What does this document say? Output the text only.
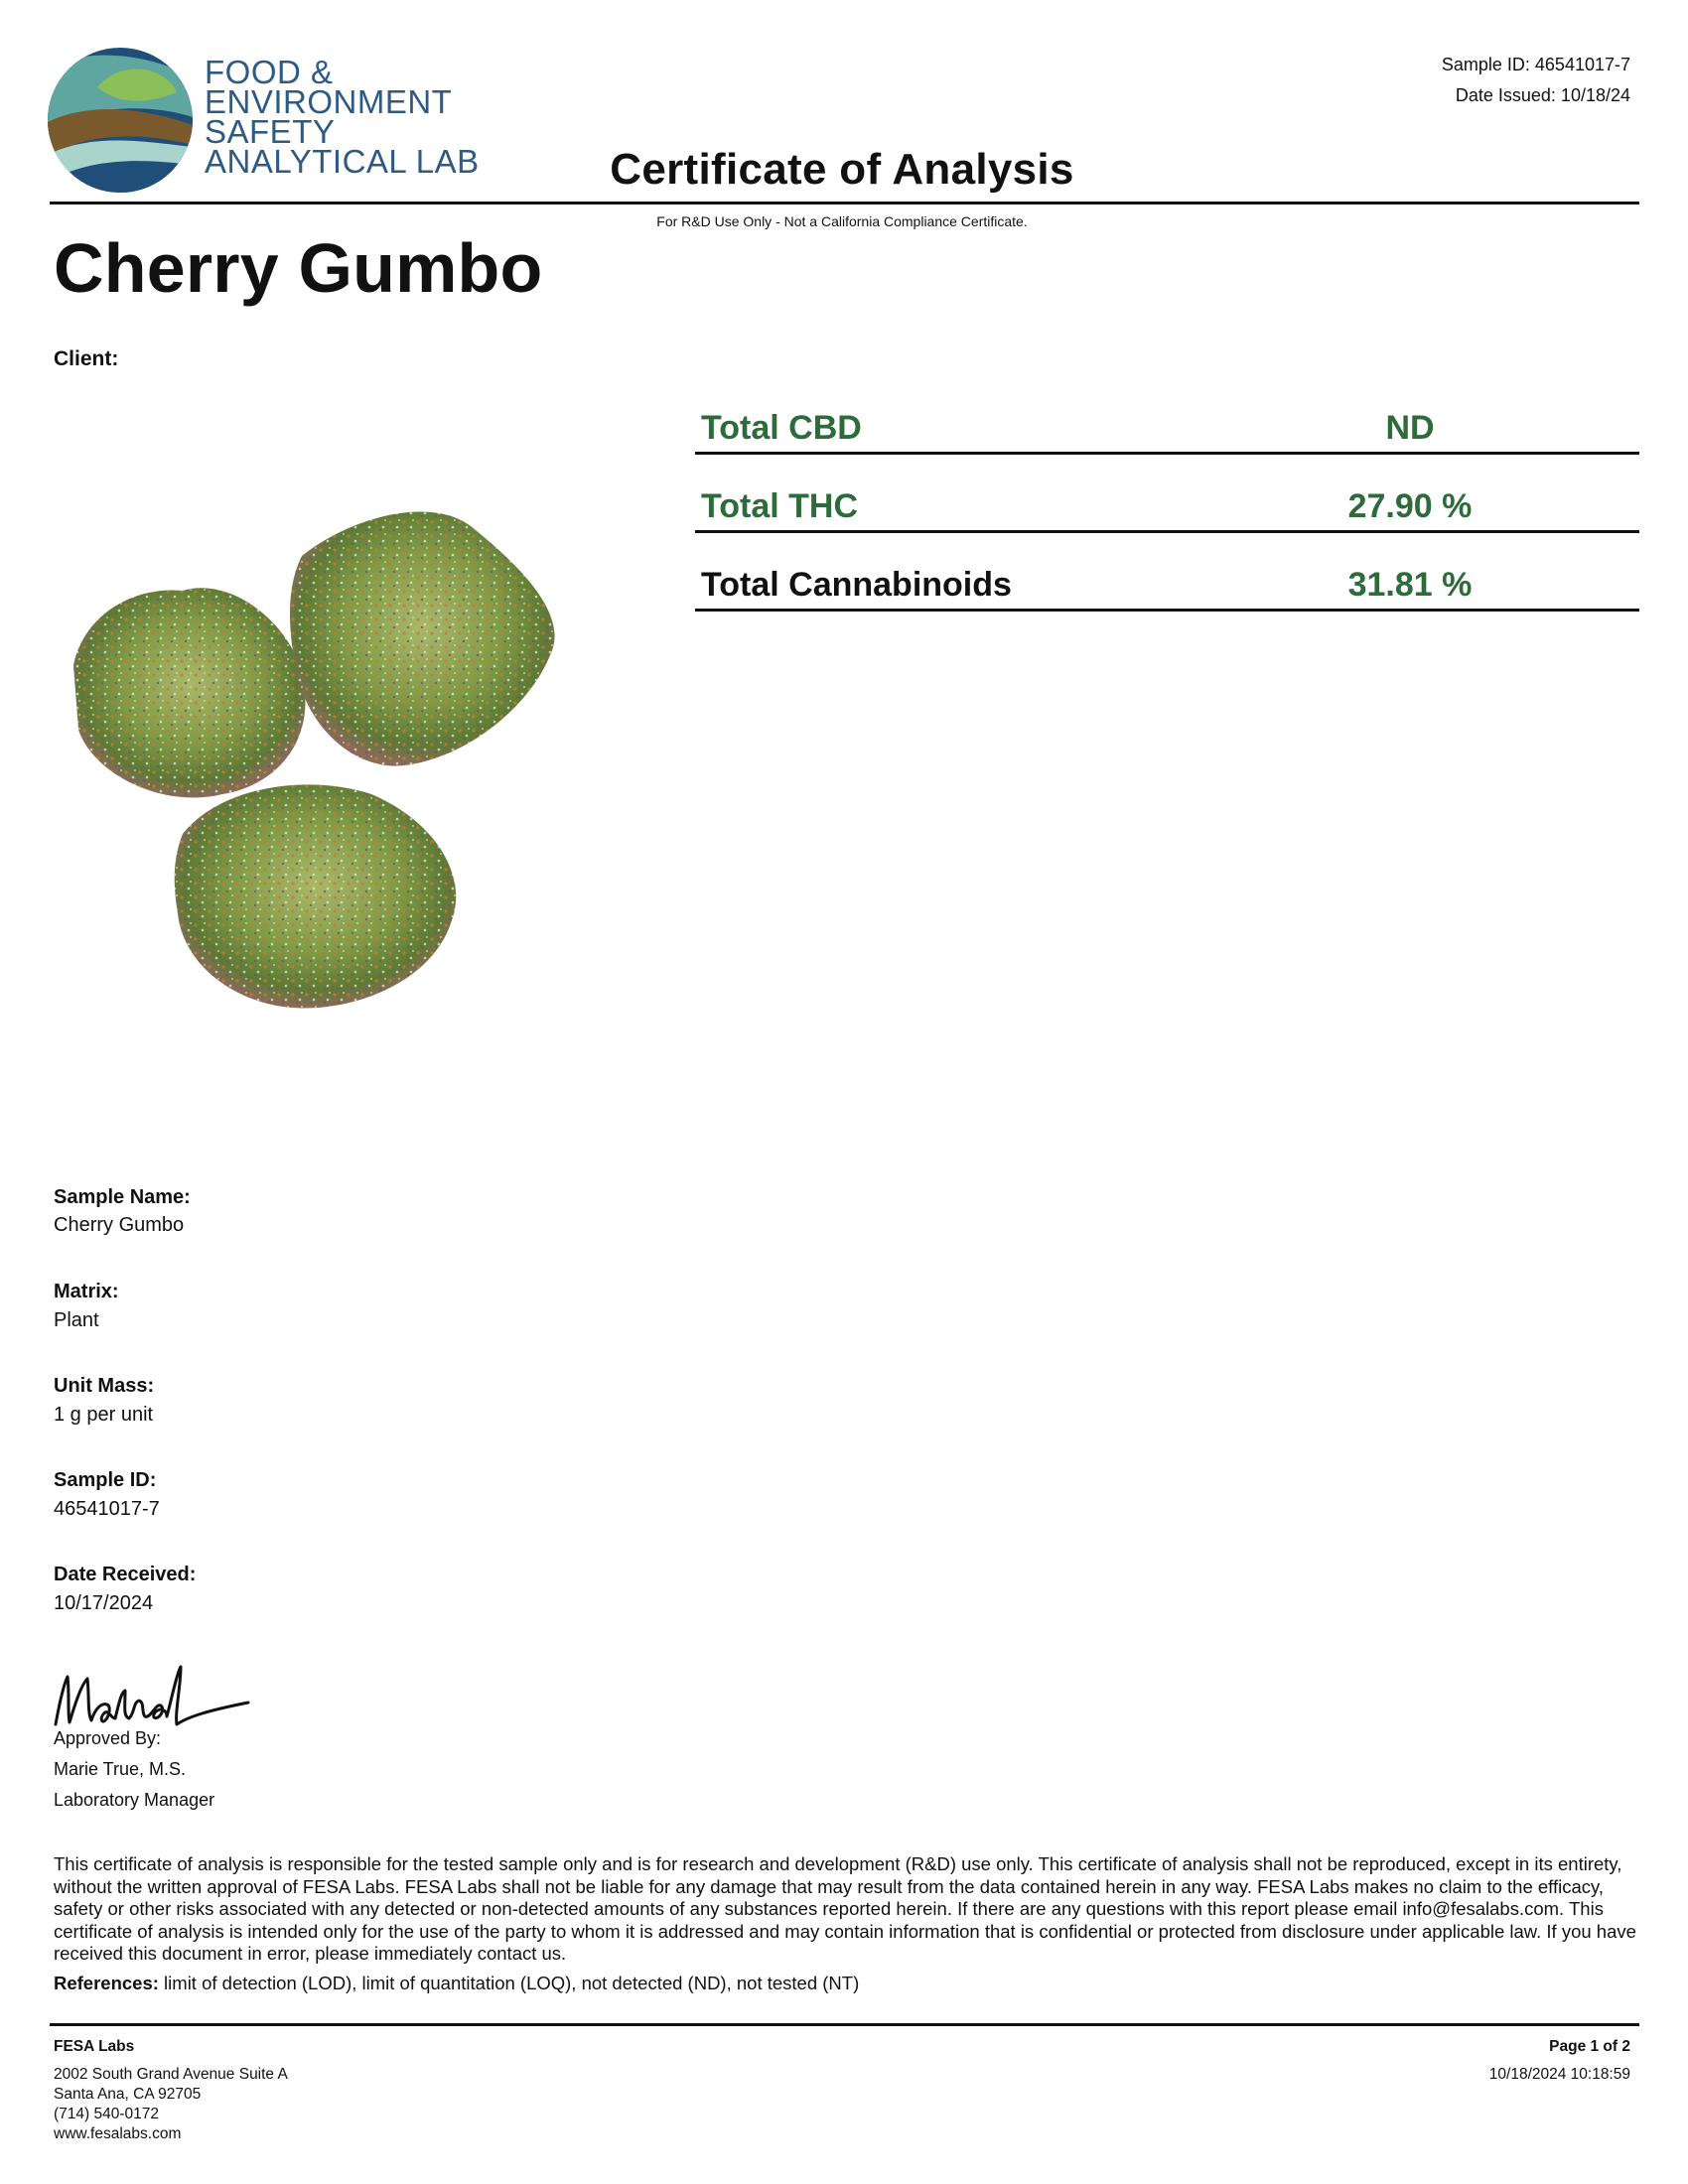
FOOD &
ENVIRONMENT
SAFETY
ANALYTICAL LAB
Sample ID: 46541017-7
Date Issued: 10/18/24
Certificate of Analysis
For R&D Use Only - Not a California Compliance Certificate.
Cherry Gumbo
Client:
Total CBD	ND
Total THC	27.90 %
Total Cannabinoids	31.81 %
Sample Name:
Cherry Gumbo
Matrix:
Plant
Unit Mass:
1 g per unit
Sample ID:
46541017-7
Date Received:
10/17/2024
Approved By:
Marie True, M.S.
Laboratory Manager
This certificate of analysis is responsible for the tested sample only and is for research and development (R&D) use only. This certificate of analysis shall not be reproduced, except in its entirety, without the written approval of FESA Labs. FESA Labs shall not be liable for any damage that may result from the data contained herein in any way. FESA Labs makes no claim to the efficacy, safety or other risks associated with any detected or non-detected amounts of any substances reported herein. If there are any questions with this report please email info@fesalabs.com. This certificate of analysis is intended only for the use of the party to whom it is addressed and may contain information that is confidential or protected from disclosure under applicable law. If you have received this document in error, please immediately contact us.
References: limit of detection (LOD), limit of quantitation (LOQ), not detected (ND), not tested (NT)
FESA Labs
2002 South Grand Avenue Suite A
Santa Ana, CA 92705
(714) 540-0172
www.fesalabs.com
Page 1 of 2
10/18/2024 10:18:59
